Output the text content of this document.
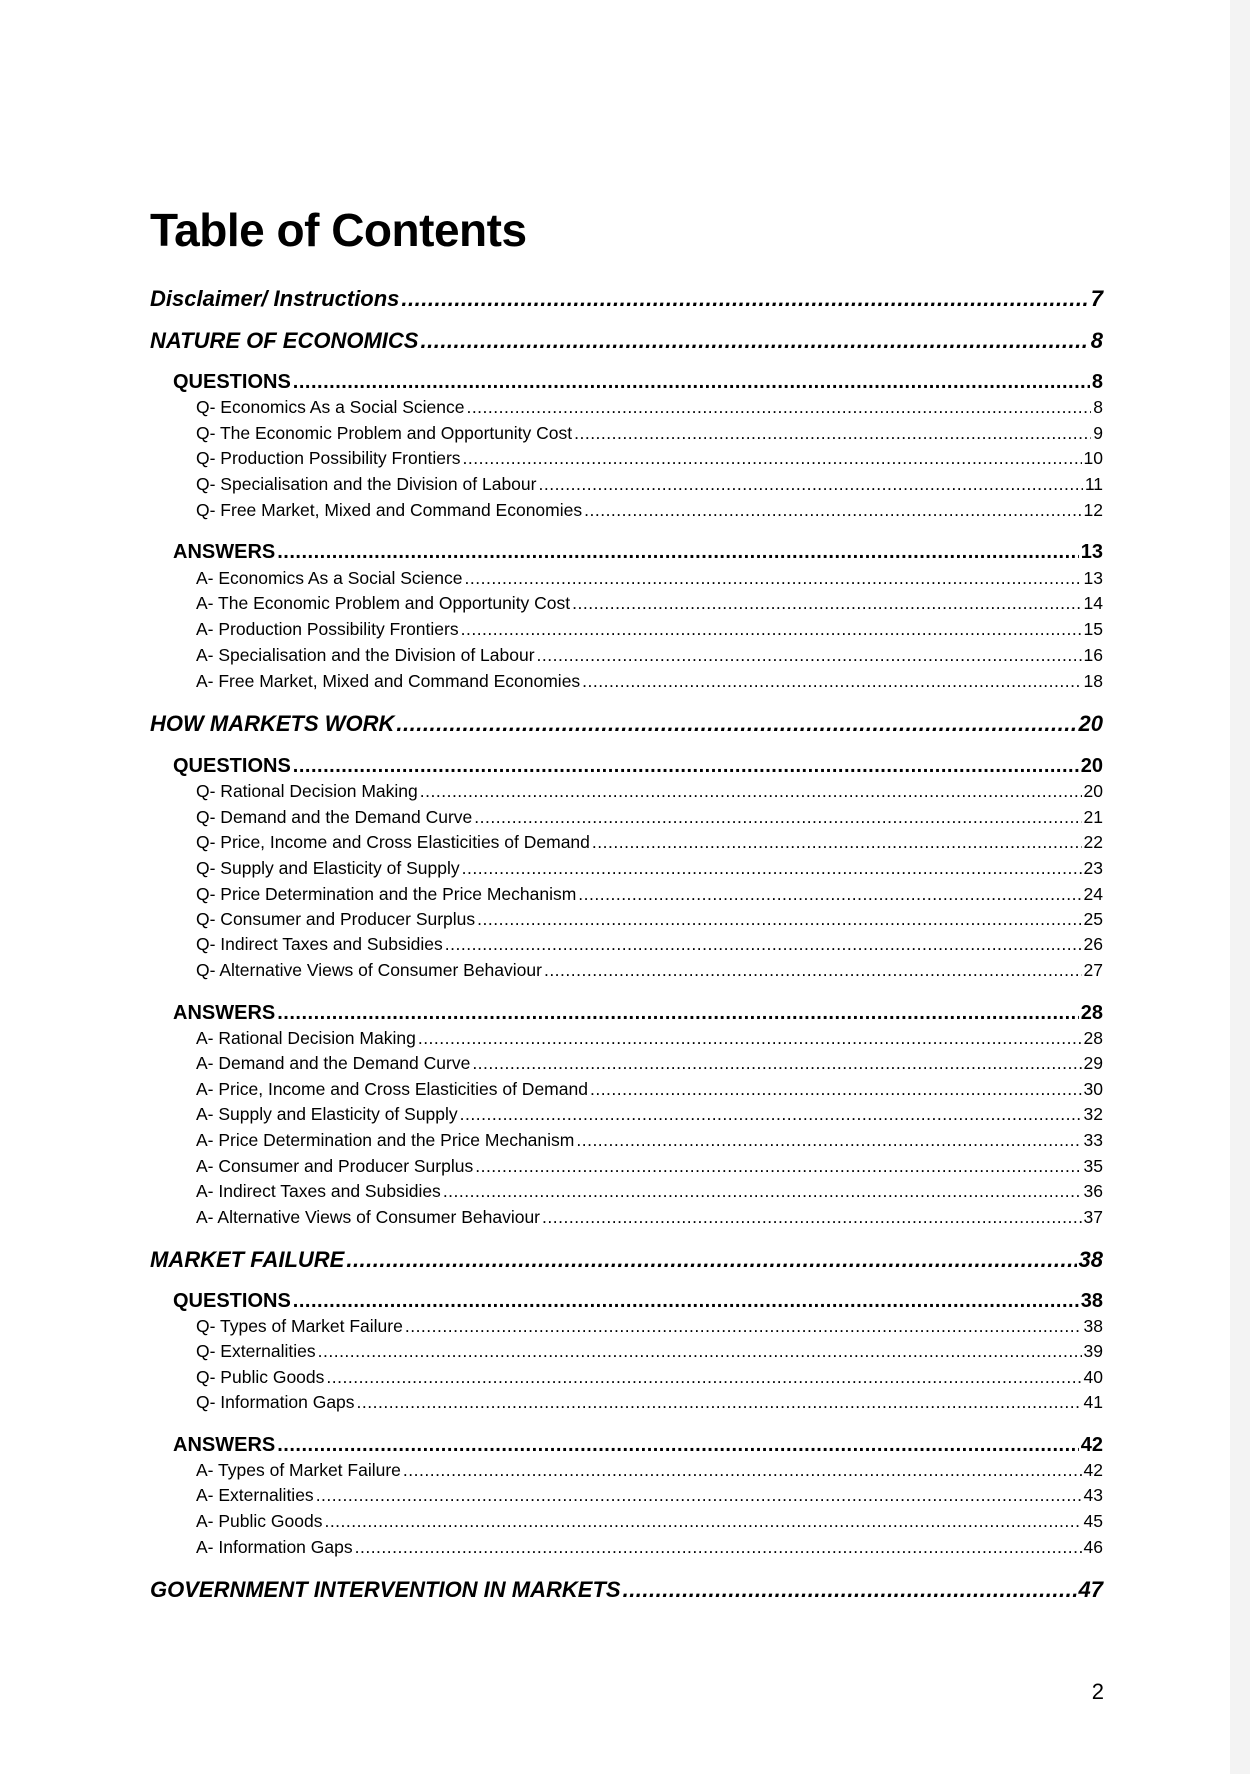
Table of Contents
Disclaimer/ Instructions .....	7
NATURE OF ECONOMICS .....	8
QUESTIONS .....	8
Q- Economics As a Social Science .....	8
Q- The Economic Problem and Opportunity Cost .....	9
Q- Production Possibility Frontiers .....	10
Q- Specialisation and the Division of Labour .....	11
Q- Free Market, Mixed and Command Economies .....	12
ANSWERS .....	13
A- Economics As a Social Science .....	13
A- The Economic Problem and Opportunity Cost .....	14
A- Production Possibility Frontiers .....	15
A- Specialisation and the Division of Labour .....	16
A- Free Market, Mixed and Command Economies .....	18
HOW MARKETS WORK .....	20
QUESTIONS .....	20
Q- Rational Decision Making .....	20
Q- Demand and the Demand Curve .....	21
Q- Price, Income and Cross Elasticities of Demand .....	22
Q- Supply and Elasticity of Supply .....	23
Q- Price Determination and the Price Mechanism .....	24
Q- Consumer and Producer Surplus .....	25
Q- Indirect Taxes and Subsidies .....	26
Q- Alternative Views of Consumer Behaviour .....	27
ANSWERS .....	28
A- Rational Decision Making .....	28
A- Demand and the Demand Curve .....	29
A- Price, Income and Cross Elasticities of Demand .....	30
A- Supply and Elasticity of Supply .....	32
A- Price Determination and the Price Mechanism .....	33
A- Consumer and Producer Surplus .....	35
A- Indirect Taxes and Subsidies .....	36
A- Alternative Views of Consumer Behaviour .....	37
MARKET FAILURE .....	38
QUESTIONS .....	38
Q- Types of Market Failure .....	38
Q- Externalities .....	39
Q- Public Goods .....	40
Q- Information Gaps .....	41
ANSWERS .....	42
A- Types of Market Failure .....	42
A- Externalities .....	43
A- Public Goods .....	45
A- Information Gaps .....	46
GOVERNMENT INTERVENTION IN MARKETS .....	47
2
